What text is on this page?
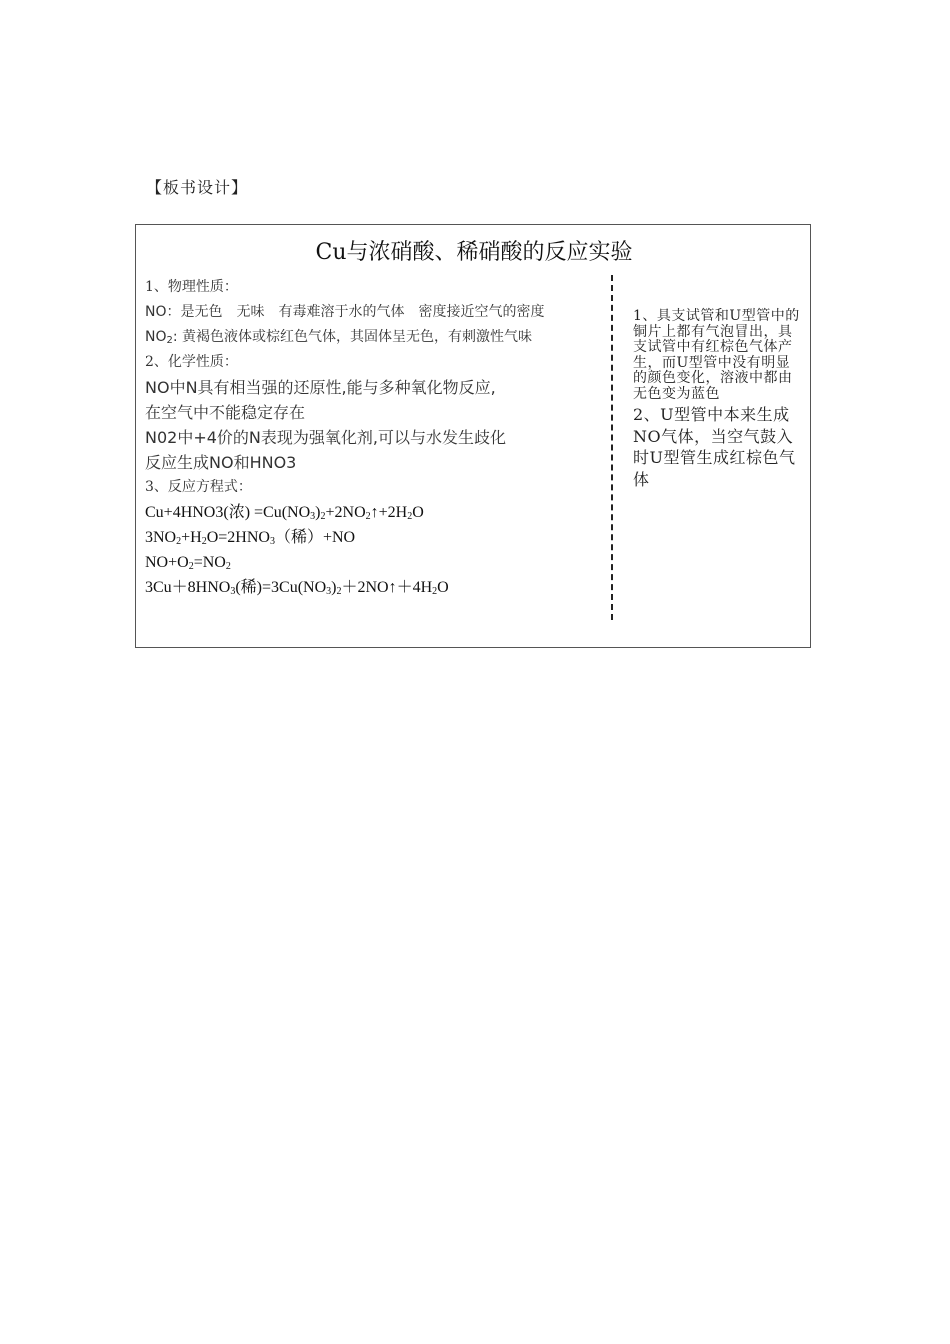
【板书设计】
Cu与浓硝酸、稀硝酸的反应实验
1、物理性质：
NO：是无色　无味　有毒难溶于水的气体　密度接近空气的密度
$NO_2$: 黄褐色液体或棕红色气体，其固体呈无色，有刺激性气味
2、化学性质：
NO中N具有相当强的还原性,能与多种氧化物反应,
在空气中不能稳定存在
N02中+4价的N表现为强氧化剂,可以与水发生歧化
反应生成NO和HNO3
3、反应方程式：
Cu+4HNO3(浓) $=Cu(NO_3)_2+2NO_2↑+2H_2O$
$3NO_2+H_2O=2HNO_3$（稀）+NO
$NO+O_2=NO_2$
$3Cu+8HNO_3$(稀)$=3Cu(NO_3)_2+2NO↑+4H_2O$
1、具支试管和U型管中的铜片上都有气泡冒出，具支试管中有红棕色气体产生，而U型管中没有明显的颜色变化，溶液中都由无色变为蓝色
2、U型管中本来生成NO气体，当空气鼓入时U型管生成红棕色气体
